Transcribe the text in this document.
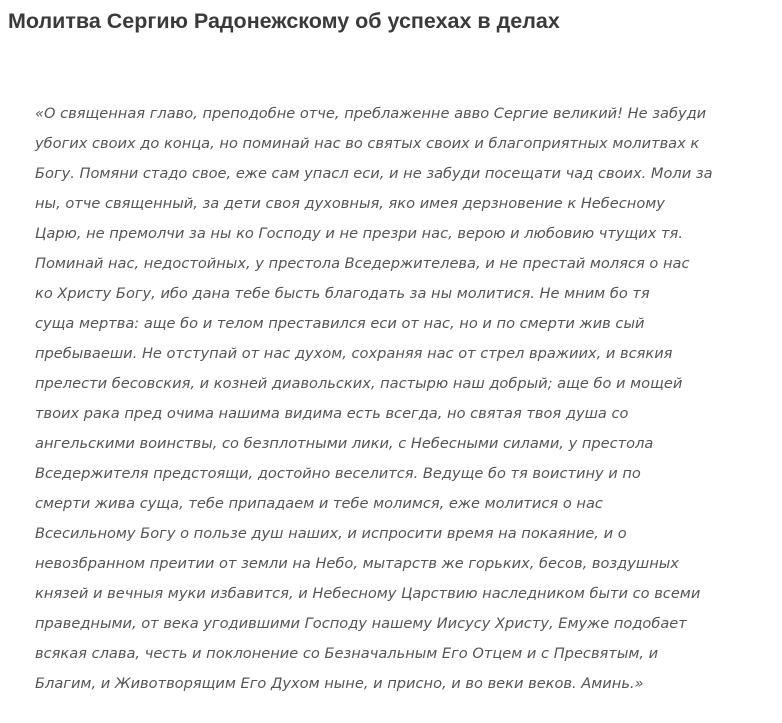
Молитва Сергию Радонежскому об успехах в делах
«О священная главо, преподобне отче, преблаженне авво Сергие великий! Не забуди
убогих своих до конца, но поминай нас во святых своих и благоприятных молитвах к
Богу. Помяни стадо свое, еже сам упасл еси, и не забуди посещати чад своих. Моли за
ны, отче священный, за дети своя духовныя, яко имея дерзновение к Небесному
Царю, не премолчи за ны ко Господу и не презри нас, верою и любовию чтущих тя.
Поминай нас, недостойных, у престола Вседержителева, и не престай моляся о нас
ко Христу Богу, ибо дана тебе бысть благодать за ны молитися. Не мним бо тя
суща мертва: аще бо и телом преставился еси от нас, но и по смерти жив сый
пребываеши. Не отступай от нас духом, сохраняя нас от стрел вражиих, и всякия
прелести бесовския, и козней диавольских, пастырю наш добрый; аще бо и мощей
твоих рака пред очима нашима видима есть всегда, но святая твоя душа со
ангельскими воинствы, со безплотными лики, с Небесными силами, у престола
Вседержителя предстоящи, достойно веселится. Ведуще бо тя воистину и по
смерти жива суща, тебе припадаем и тебе молимся, еже молитися о нас
Всесильному Богу о пользе душ наших, и испросити время на покаяние, и о
невозбранном преитии от земли на Небо, мытарств же горьких, бесов, воздушных
князей и вечныя муки избавится, и Небесному Царствию наследником быти со всеми
праведными, от века угодившими Господу нашему Иисусу Христу, Емуже подобает
всякая слава, честь и поклонение со Безначальным Его Отцем и с Пресвятым, и
Благим, и Животворящим Его Духом ныне, и присно, и во веки веков. Аминь.»
